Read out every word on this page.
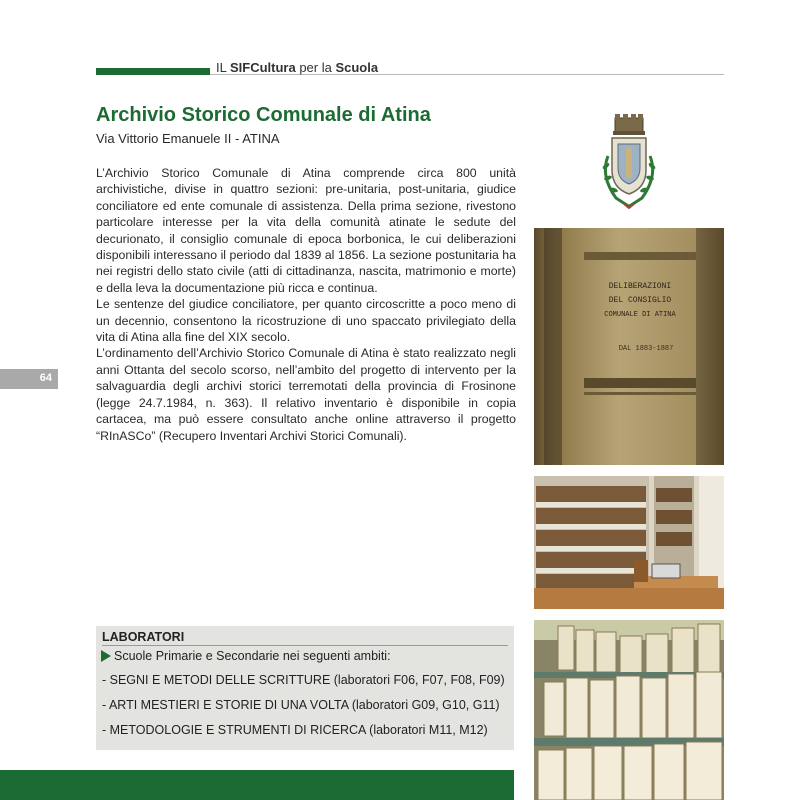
IL SIFCultura per la Scuola
Archivio Storico Comunale di Atina
Via Vittorio Emanuele II - ATINA

L’Archivio Storico Comunale di Atina comprende circa 800 unità archivistiche, divise in quattro sezioni: pre-unitaria, post-unitaria, giudice conciliatore ed ente comunale di assistenza. Della prima sezione, rivestono particolare interesse per la vita della comunità atinate le sedute del decurionato, il consiglio comunale di epoca borbonica, le cui deliberazioni disponibili interessano il periodo dal 1839 al 1856. La sezione postunitaria ha nei registri dello stato civile (atti di cittadinanza, nascita, matrimonio e morte) e della leva la documentazione più ricca e continua.

Le sentenze del giudice conciliatore, per quanto circoscritte a poco meno di un decennio, consentono la ricostruzione di uno spaccato privilegiato della vita di Atina alla fine del XIX secolo.

L’ordinamento dell’Archivio Storico Comunale di Atina è stato realizzato negli anni Ottanta del secolo scorso, nell’ambito del progetto di intervento per la salvaguardia degli archivi storici terremotati della provincia di Frosinone (legge 24.7.1984, n. 363). Il relativo inventario è disponibile in copia cartacea, ma può essere consultato anche online attraverso il progetto “RInASCo” (Recupero Inventari Archivi Storici Comunali).

64
DELIBERAZIONI
DEL CONSIGLIO
COMUNALE DI ATINA
DAL 1883-1887
LABORATORI
Scuole Primarie e Secondarie nei seguenti ambiti:
- SEGNI E METODI DELLE SCRITTURE (laboratori F06, F07, F08, F09)
- ARTI MESTIERI E STORIE DI UNA VOLTA (laboratori G09, G10, G11)
- METODOLOGIE E STRUMENTI DI RICERCA (laboratori M11, M12)
